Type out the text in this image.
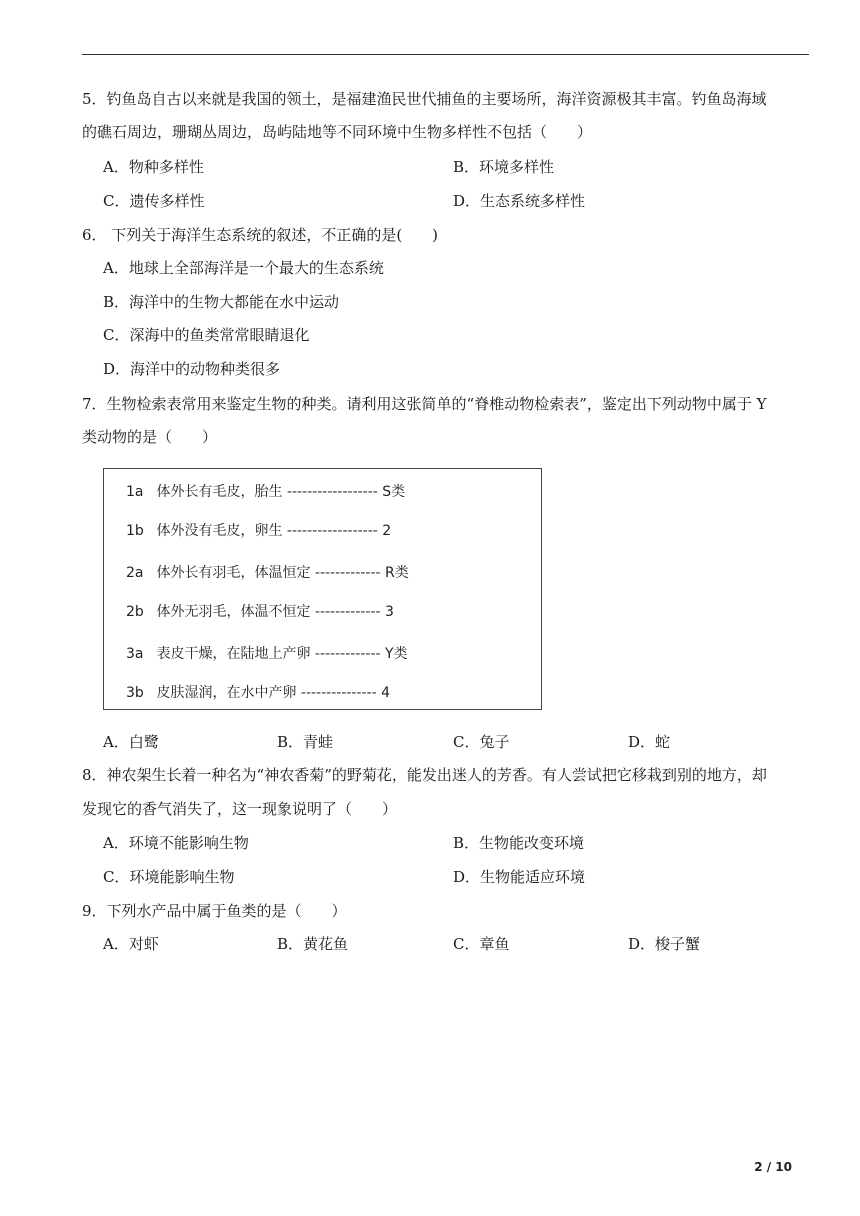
5．钓鱼岛自古以来就是我国的领土，是福建渔民世代捕鱼的主要场所，海洋资源极其丰富。钓鱼岛海域
的礁石周边，珊瑚丛周边，岛屿陆地等不同环境中生物多样性不包括（　　）
A．物种多样性	B．环境多样性
C．遗传多样性	D．生态系统多样性
6． 下列关于海洋生态系统的叙述，不正确的是(　　)
A．地球上全部海洋是一个最大的生态系统
B．海洋中的生物大都能在水中运动
C．深海中的鱼类常常眼睛退化
D．海洋中的动物种类很多
7．生物检索表常用来鉴定生物的种类。请利用这张简单的“脊椎动物检索表”，鉴定出下列动物中属于 Y
类动物的是（　　）
1a 体外长有毛皮，胎生 ------------------ S类
1b 体外没有毛皮，卵生 ------------------ 2
2a 体外长有羽毛，体温恒定 ------------- R类
2b 体外无羽毛，体温不恒定 ------------- 3
3a 表皮干燥，在陆地上产卵 ------------- Y类
3b 皮肤湿润，在水中产卵 --------------- 4
A．白鹭	B．青蛙	C．兔子	D．蛇
8．神农架生长着一种名为“神农香菊”的野菊花，能发出迷人的芳香。有人尝试把它移栽到别的地方，却
发现它的香气消失了，这一现象说明了（　　）
A．环境不能影响生物	B．生物能改变环境
C．环境能影响生物	D．生物能适应环境
9．下列水产品中属于鱼类的是（　　）
A．对虾	B．黄花鱼	C．章鱼	D．梭子蟹
2 / 10
